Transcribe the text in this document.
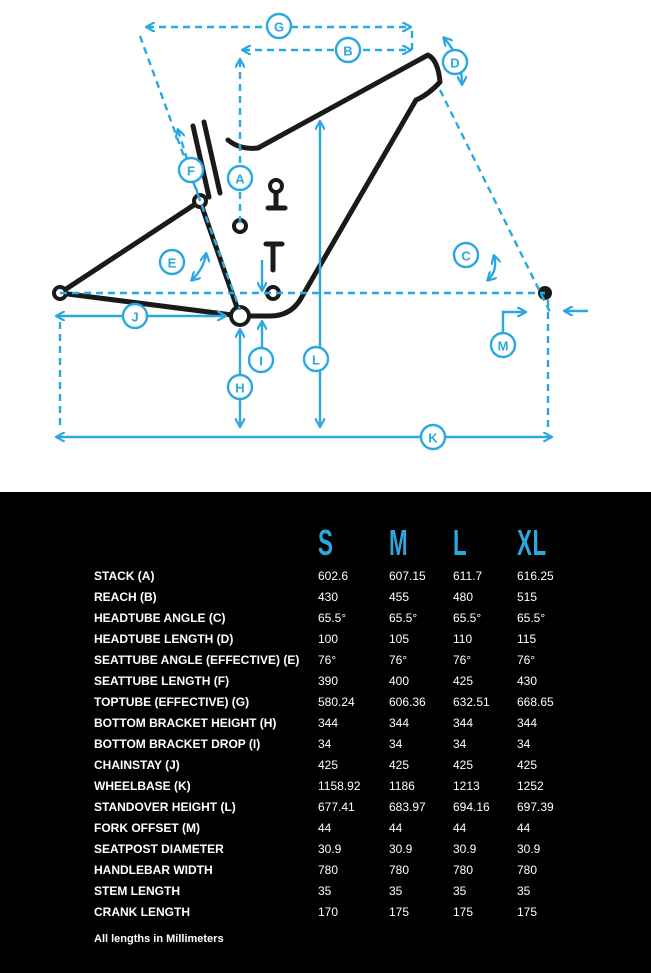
G
B
D
F
A
C
E
J
M
L
I
H
K
S M L XL
STACK (A)	602.6	607.15 611.7	616.25
REACH (B)	430	455	480	515
HEADTUBE ANGLE (C)	65.5°	65.5°	65.5°	65.5°
HEADTUBE LENGTH (D)	100	105	110	115
SEATTUBE ANGLE (EFFECTIVE) (E) 76°	76°	76°	76°
SEATTUBE LENGTH (F)	390	400	425	430
TOPTUBE (EFFECTIVE) (G)	580.24	606.36 632.51 668.65
BOTTOM BRACKET HEIGHT (H)	344	344	344	344
BOTTOM BRACKET DROP (I)	34	34	34	34
CHAINSTAY (J)	425	425	425	425
WHEELBASE (K)	1158.92 1186	1213	1252
STANDOVER HEIGHT (L)	677.41	683.97 694.16 697.39
FORK OFFSET (M)	44	44	44	44
SEATPOST DIAMETER	30.9	30.9	30.9	30.9
HANDLEBAR WIDTH	780	780	780	780
STEM LENGTH	35	35	35	35
CRANK LENGTH	170	175	175	175
All lengths in Millimeters
